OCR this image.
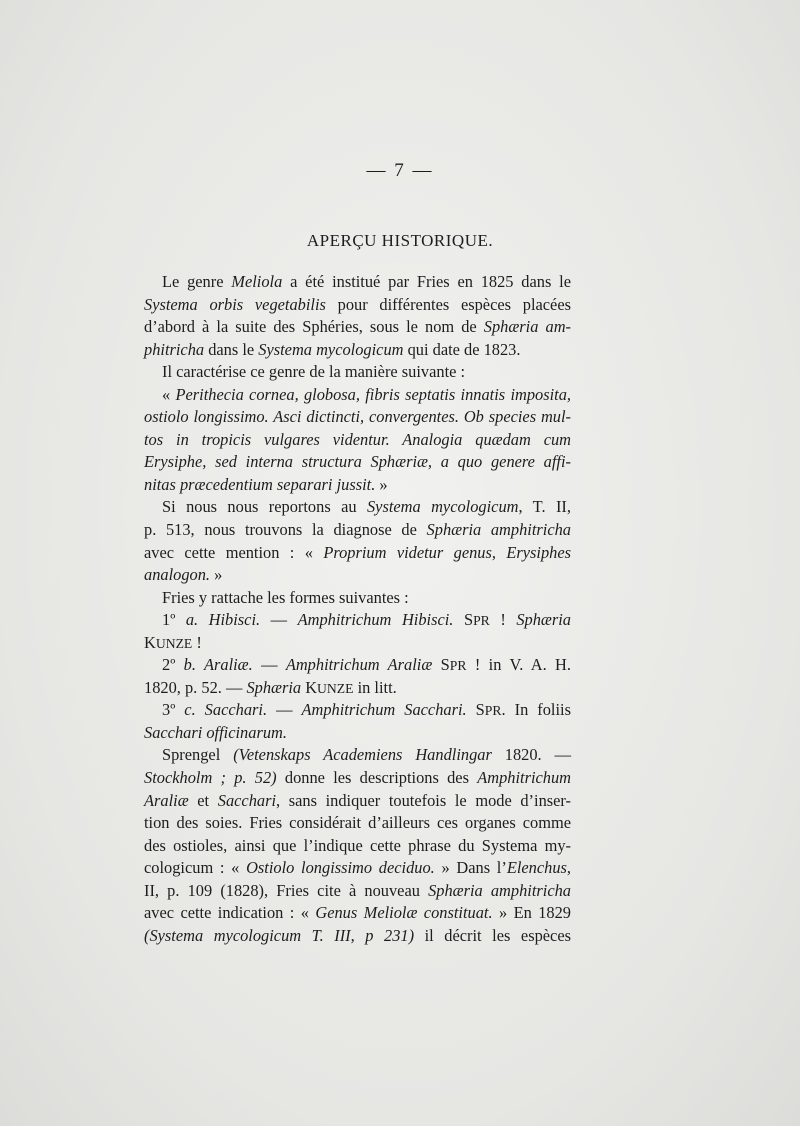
— 7 —
APERÇU HISTORIQUE.
Le genre Meliola a été institué par Fries en 1825 dans le
Systema orbis vegetabilis pour différentes espèces placées
d’abord à la suite des Sphéries, sous le nom de Sphæria am-
phitricha dans le Systema mycologicum qui date de 1823.
Il caractérise ce genre de la manière suivante :
« Perithecia cornea, globosa, fibris septatis innatis imposita,
ostiolo longissimo. Asci dictincti, convergentes. Ob species mul-
tos in tropicis vulgares videntur. Analogia quædam cum
Erysiphe, sed interna structura Sphæriæ, a quo genere affi-
nitas præcedentium separari jussit. »
Si nous nous reportons au Systema mycologicum, T. II,
p. 513, nous trouvons la diagnose de Sphæria amphitricha
avec cette mention : « Proprium videtur genus, Erysiphes
analogon. »
Fries y rattache les formes suivantes :
1º a. Hibisci. — Amphitrichum Hibisci. SPR ! Sphæria
KUNZE !
2º b. Araliæ. — Amphitrichum Araliæ SPR ! in V. A. H.
1820, p. 52. — Sphæria KUNZE in litt.
3º c. Sacchari. — Amphitrichum Sacchari. SPR. In foliis
Sacchari officinarum.
Sprengel (Vetenskaps Academiens Handlingar 1820. —
Stockholm ; p. 52) donne les descriptions des Amphitrichum
Araliæ et Sacchari, sans indiquer toutefois le mode d’inser-
tion des soies. Fries considérait d’ailleurs ces organes comme
des ostioles, ainsi que l’indique cette phrase du Systema my-
cologicum : « Ostiolo longissimo deciduo. » Dans l’Elenchus,
II, p. 109 (1828), Fries cite à nouveau Sphæria amphitricha
avec cette indication : « Genus Meliolæ constituat. » En 1829
(Systema mycologicum T. III, p 231) il décrit les espèces
